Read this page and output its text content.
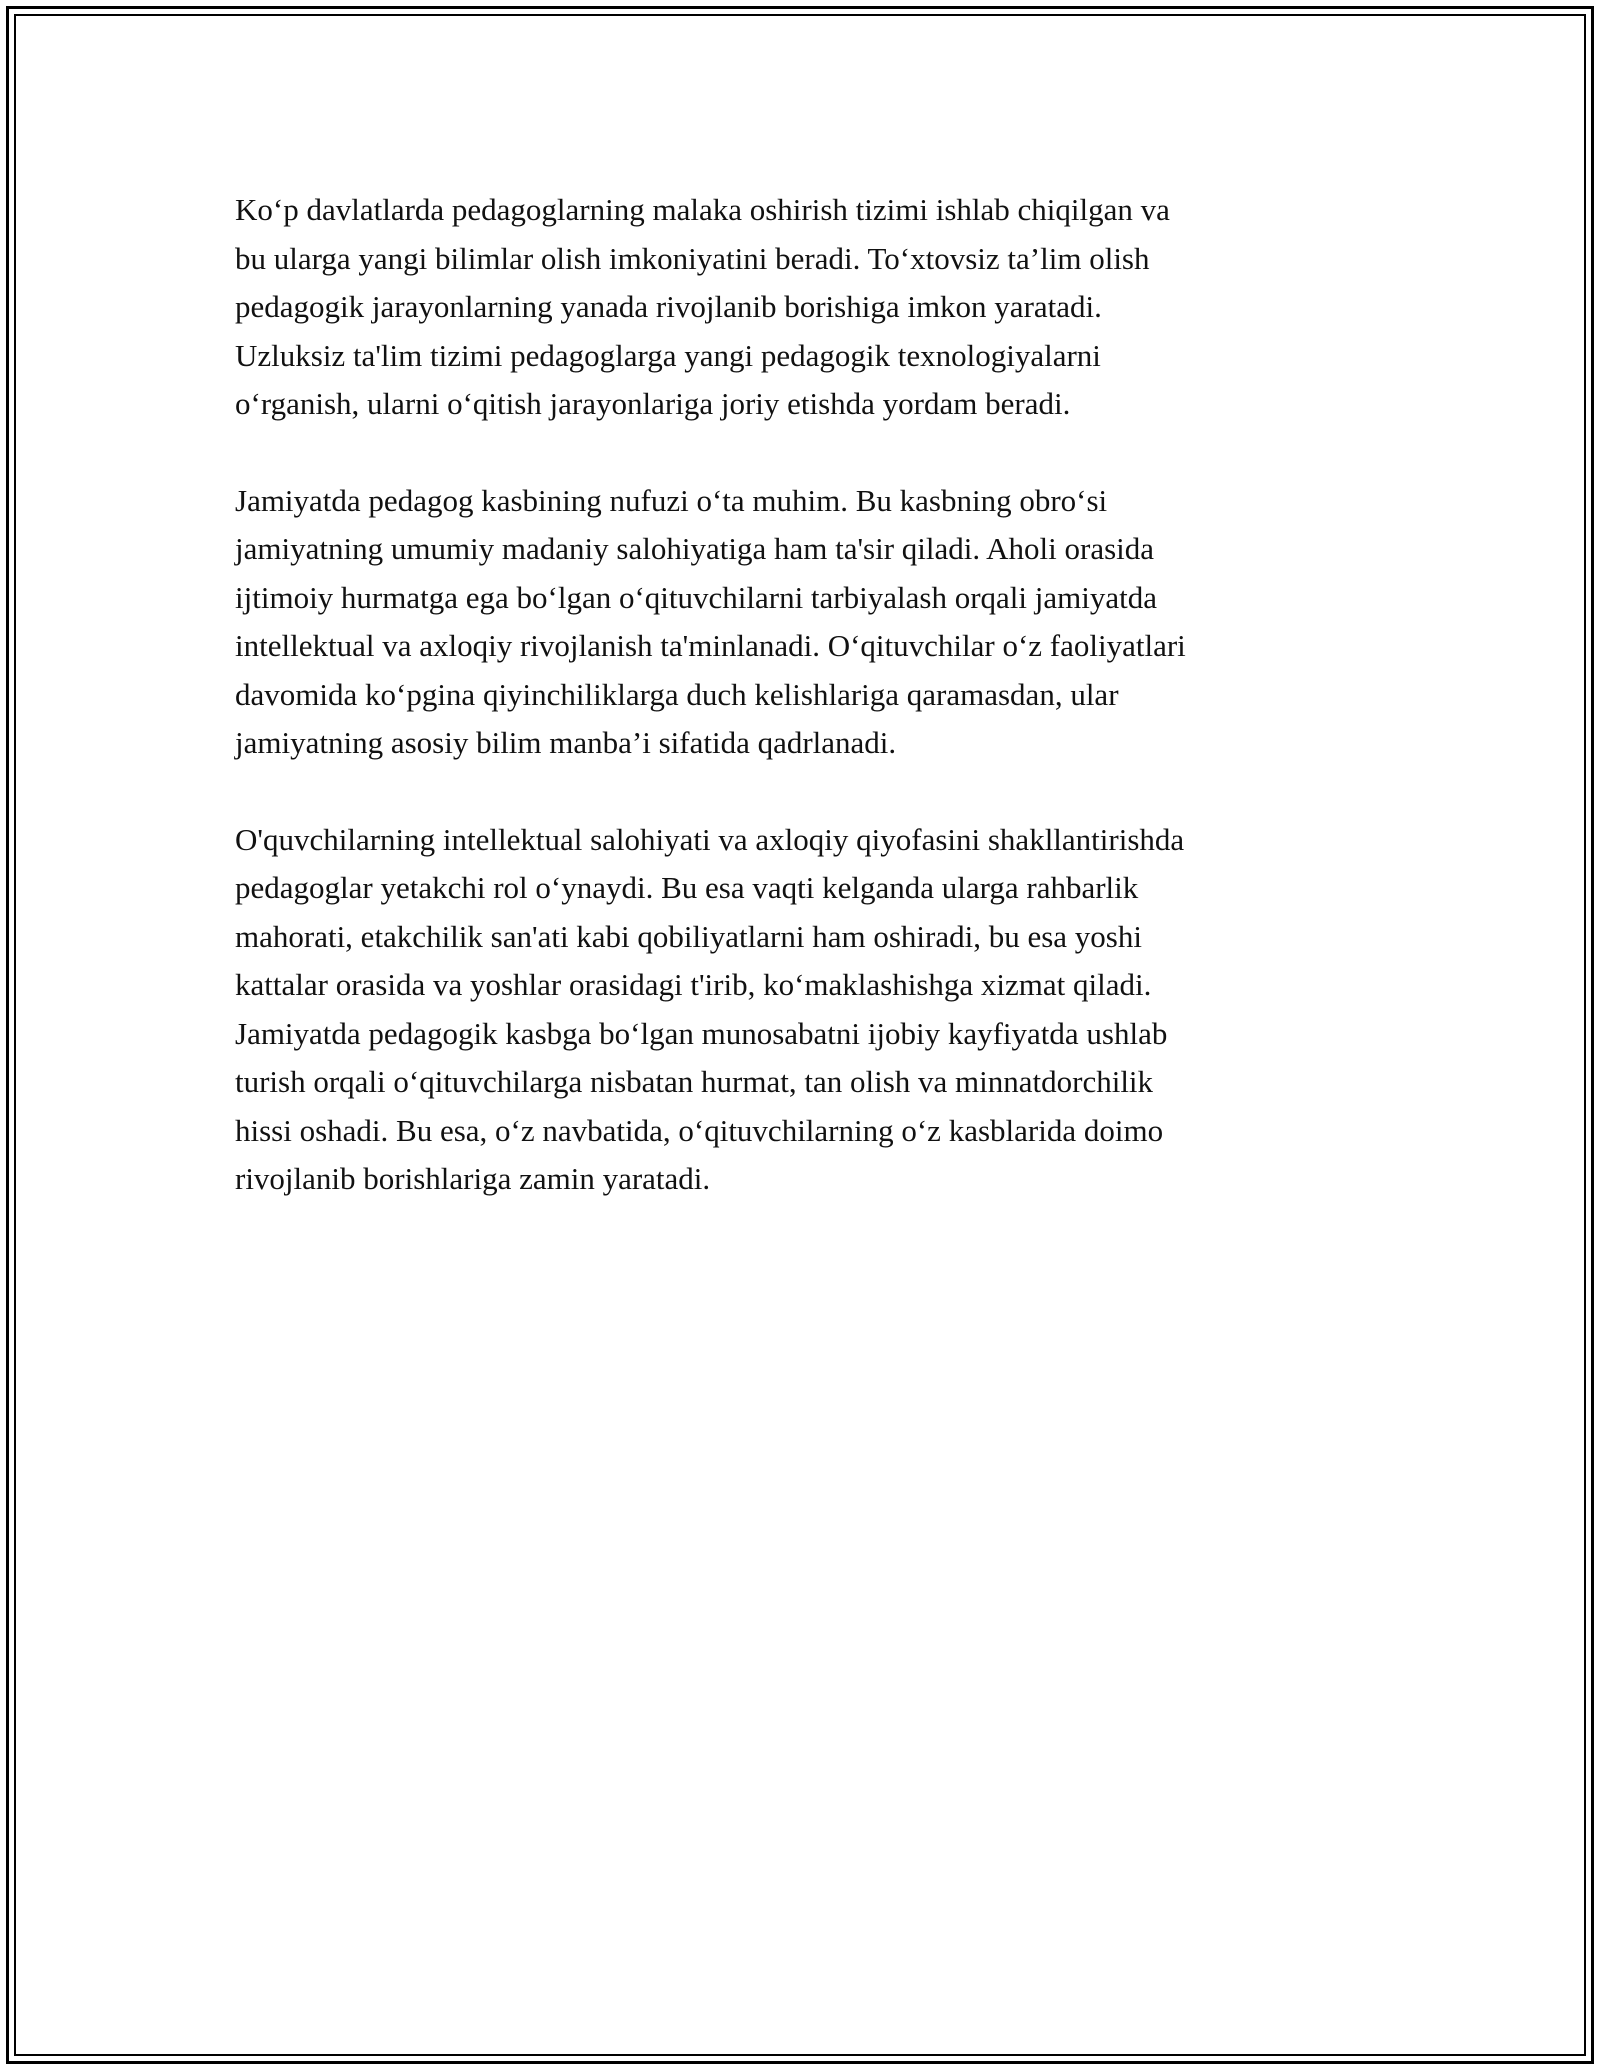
Ko‘p davlatlarda pedagoglarning malaka oshirish tizimi ishlab chiqilgan va
bu ularga yangi bilimlar olish imkoniyatini beradi. To‘xtovsiz ta’lim olish
pedagogik jarayonlarning yanada rivojlanib borishiga imkon yaratadi.
Uzluksiz ta'lim tizimi pedagoglarga yangi pedagogik texnologiyalarni
o‘rganish, ularni o‘qitish jarayonlariga joriy etishda yordam beradi.

Jamiyatda pedagog kasbining nufuzi o‘ta muhim. Bu kasbning obro‘si
jamiyatning umumiy madaniy salohiyatiga ham ta'sir qiladi. Aholi orasida
ijtimoiy hurmatga ega bo‘lgan o‘qituvchilarni tarbiyalash orqali jamiyatda
intellektual va axloqiy rivojlanish ta'minlanadi. O‘qituvchilar o‘z faoliyatlari
davomida ko‘pgina qiyinchiliklarga duch kelishlariga qaramasdan, ular
jamiyatning asosiy bilim manba’i sifatida qadrlanadi.

O'quvchilarning intellektual salohiyati va axloqiy qiyofasini shakllantirishda
pedagoglar yetakchi rol o‘ynaydi. Bu esa vaqti kelganda ularga rahbarlik
mahorati, etakchilik san'ati kabi qobiliyatlarni ham oshiradi, bu esa yoshi
kattalar orasida va yoshlar orasidagi t'irib, ko‘maklashishga xizmat qiladi.
Jamiyatda pedagogik kasbga bo‘lgan munosabatni ijobiy kayfiyatda ushlab
turish orqali o‘qituvchilarga nisbatan hurmat, tan olish va minnatdorchilik
hissi oshadi. Bu esa, o‘z navbatida, o‘qituvchilarning o‘z kasblarida doimo
rivojlanib borishlariga zamin yaratadi.
